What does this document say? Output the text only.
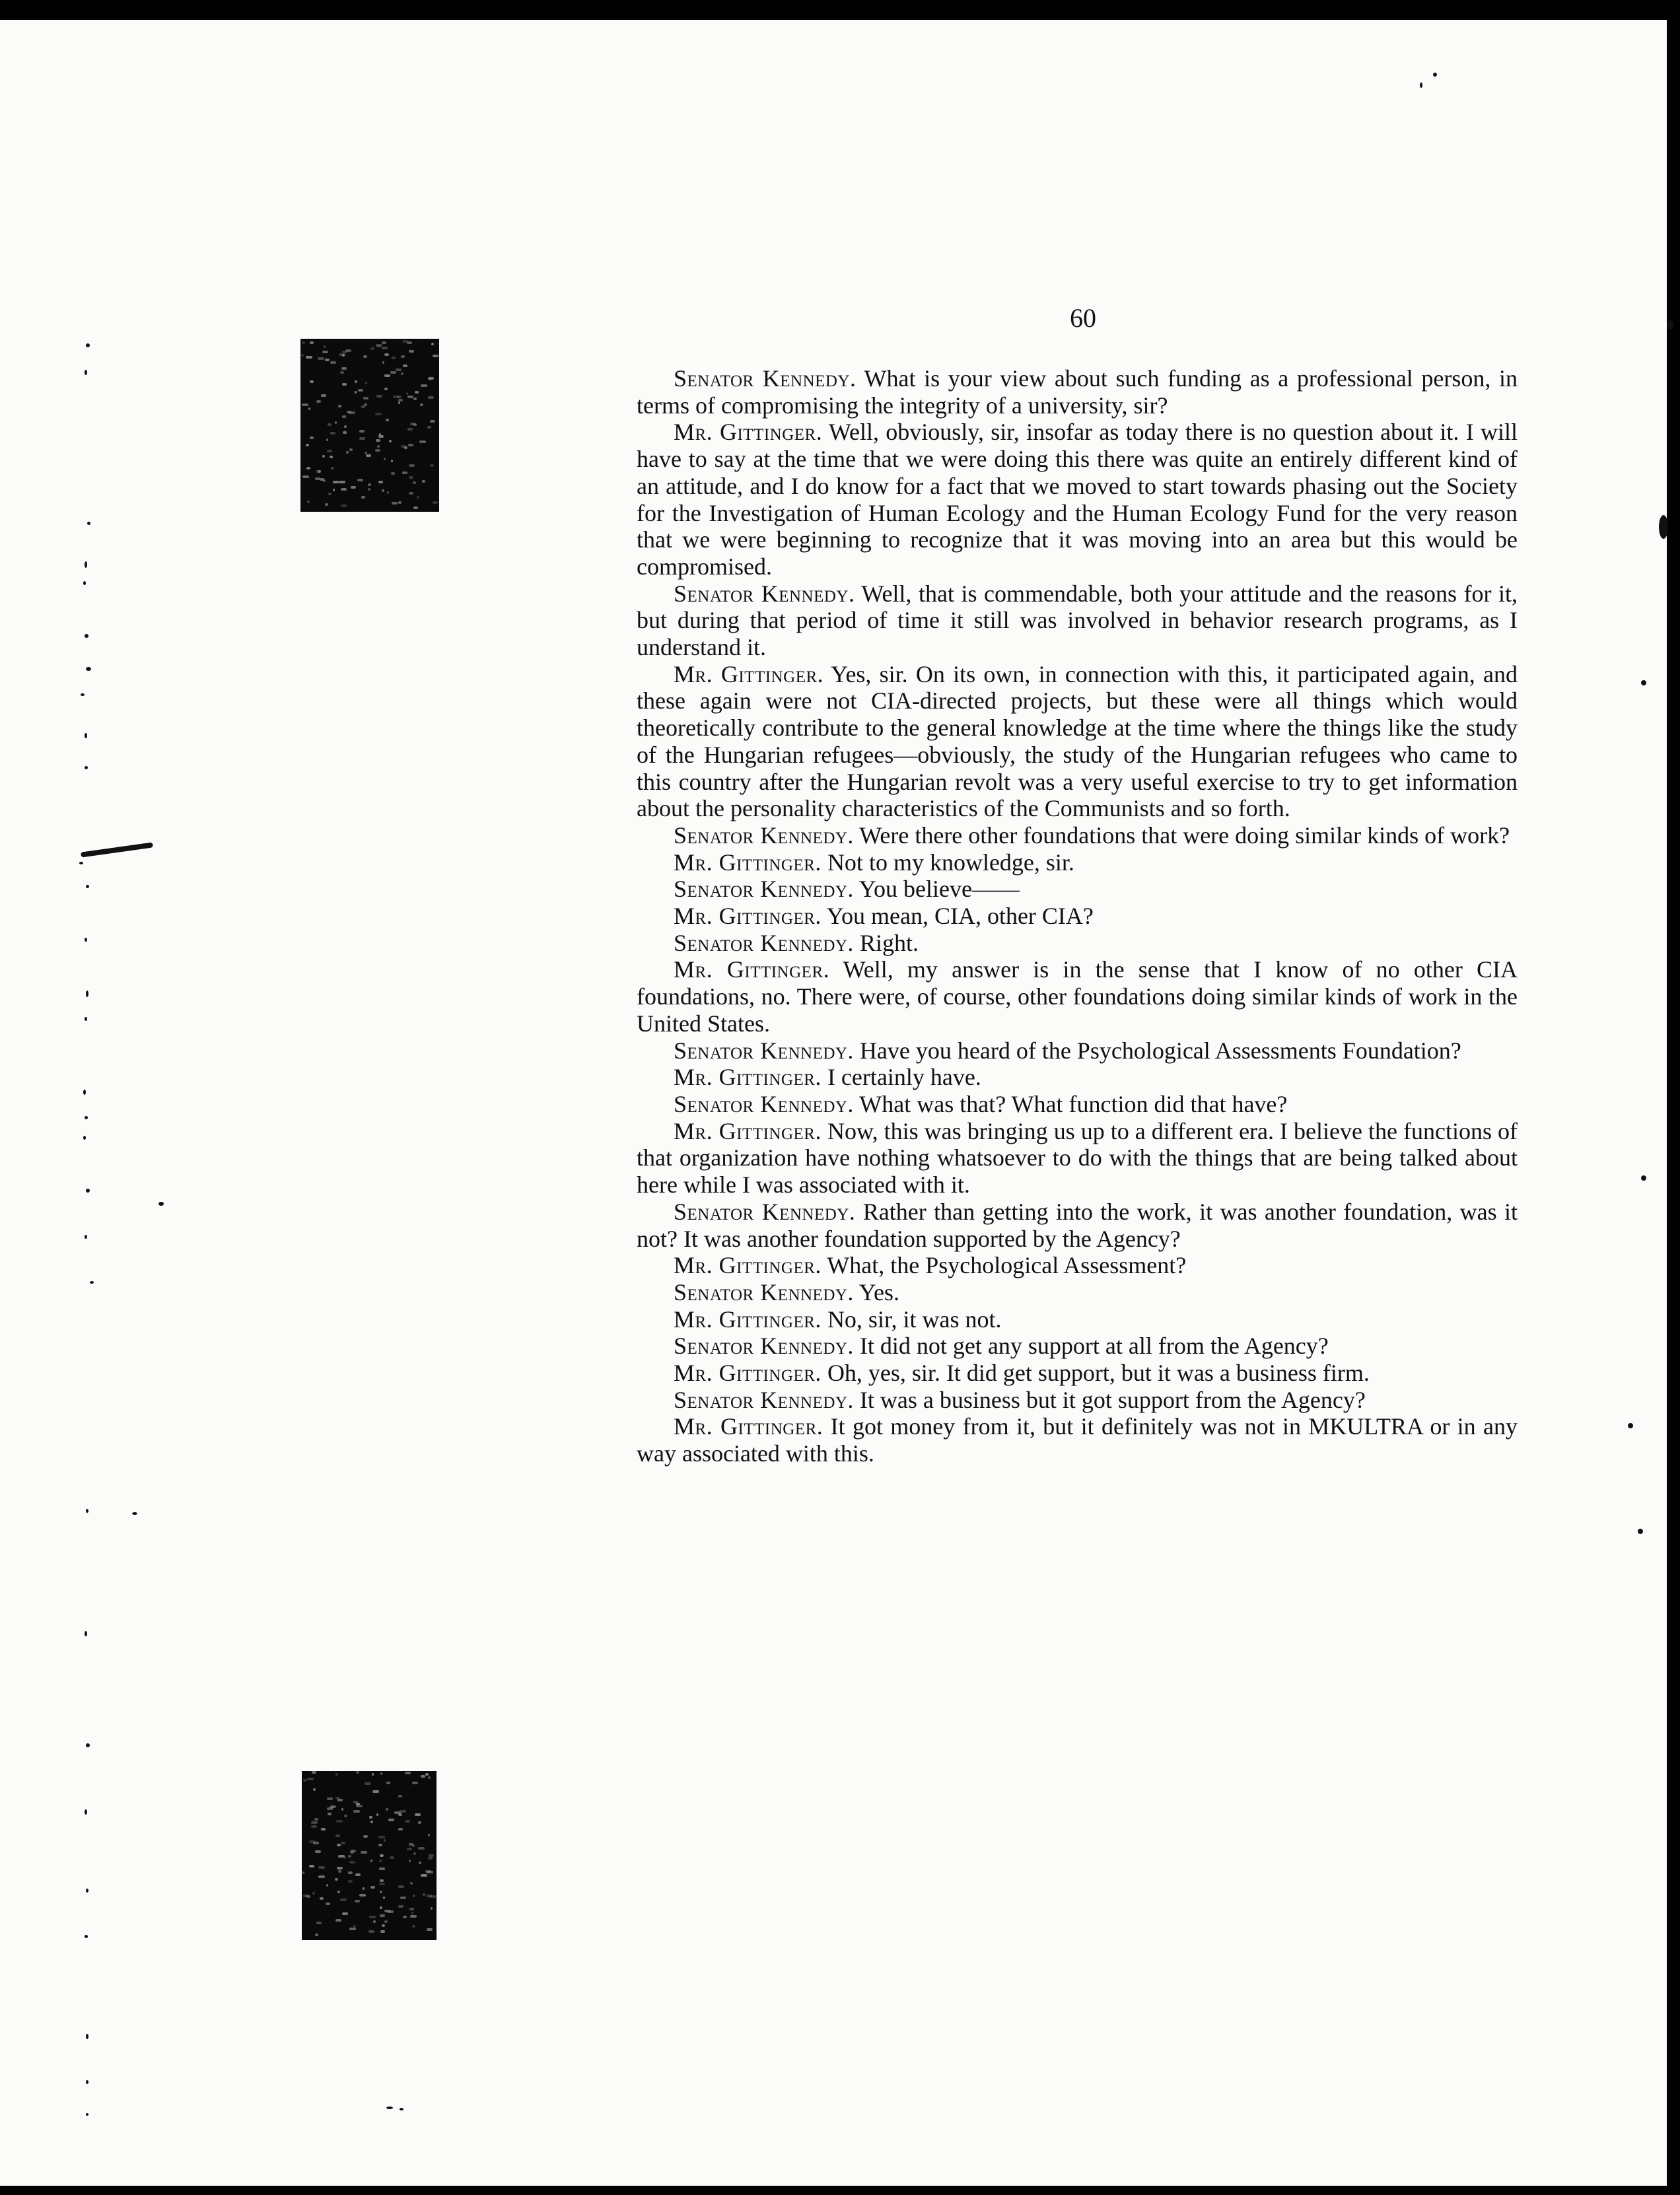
60

Senator Kennedy. What is your view about such funding as a professional person, in terms of compromising the integrity of a university, sir?

Mr. Gittinger. Well, obviously, sir, insofar as today there is no question about it. I will have to say at the time that we were doing this there was quite an entirely different kind of an attitude, and I do know for a fact that we moved to start towards phasing out the Society for the Investigation of Human Ecology and the Human Ecology Fund for the very reason that we were beginning to recognize that it was moving into an area but this would be compromised.

Senator Kennedy. Well, that is commendable, both your attitude and the reasons for it, but during that period of time it still was involved in behavior research programs, as I understand it.

Mr. Gittinger. Yes, sir. On its own, in connection with this, it participated again, and these again were not CIA-directed projects, but these were all things which would theoretically contribute to the general knowledge at the time where the things like the study of the Hungarian refugees—obviously, the study of the Hungarian refugees who came to this country after the Hungarian revolt was a very useful exercise to try to get information about the personality characteristics of the Communists and so forth.

Senator Kennedy. Were there other foundations that were doing similar kinds of work?

Mr. Gittinger. Not to my knowledge, sir.

Senator Kennedy. You believe——

Mr. Gittinger. You mean, CIA, other CIA?

Senator Kennedy. Right.

Mr. Gittinger. Well, my answer is in the sense that I know of no other CIA foundations, no. There were, of course, other foundations doing similar kinds of work in the United States.

Senator Kennedy. Have you heard of the Psychological Assessments Foundation?

Mr. Gittinger. I certainly have.

Senator Kennedy. What was that? What function did that have?

Mr. Gittinger. Now, this was bringing us up to a different era. I believe the functions of that organization have nothing whatsoever to do with the things that are being talked about here while I was associated with it.

Senator Kennedy. Rather than getting into the work, it was another foundation, was it not? It was another foundation supported by the Agency?

Mr. Gittinger. What, the Psychological Assessment?

Senator Kennedy. Yes.

Mr. Gittinger. No, sir, it was not.

Senator Kennedy. It did not get any support at all from the Agency?

Mr. Gittinger. Oh, yes, sir. It did get support, but it was a business firm.

Senator Kennedy. It was a business but it got support from the Agency?

Mr. Gittinger. It got money from it, but it definitely was not in MKULTRA or in any way associated with this.
